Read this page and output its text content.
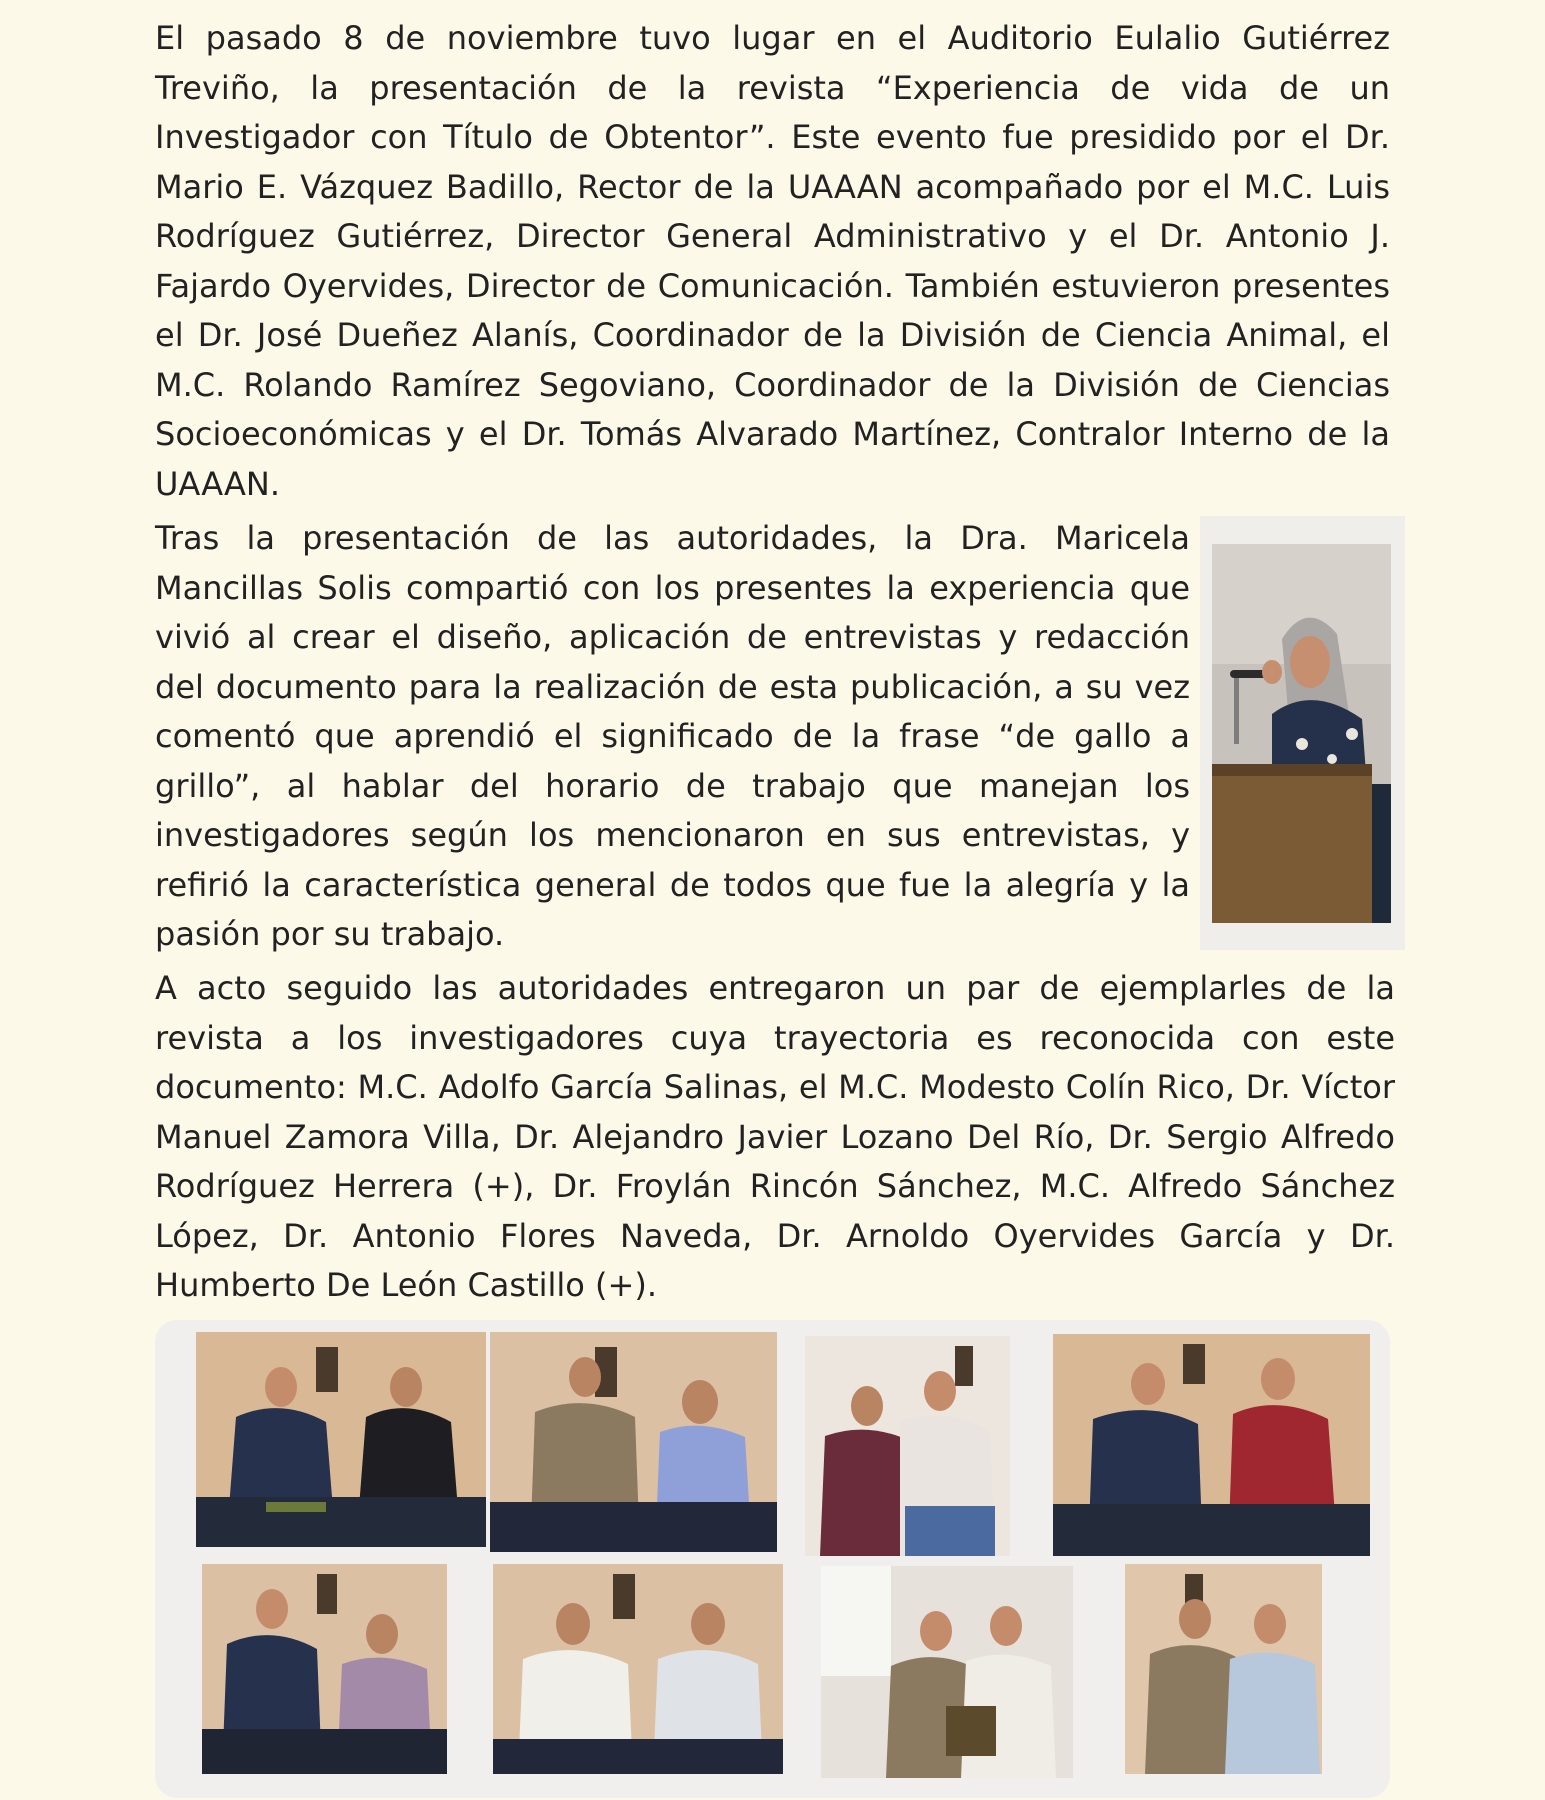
El pasado 8 de noviembre tuvo lugar en el Auditorio Eulalio Gutiérrez Treviño, la presentación de la revista “Experiencia de vida de un Investigador con Título de Obtentor”. Este evento fue presidido por el Dr. Mario E. Vázquez Badillo, Rector de la UAAAN acompañado por el M.C. Luis Rodríguez Gutiérrez, Director General Administrativo y el Dr. Antonio J. Fajardo Oyervides, Director de Comunicación. También estuvieron presentes el Dr. José Dueñez Alanís, Coordinador de la División de Ciencia Animal, el M.C. Rolando Ramírez Segoviano, Coordinador de la División de Ciencias Socioeconómicas y el Dr. Tomás Alvarado Martínez, Contralor Interno de la UAAAN.

Tras la presentación de las autoridades, la Dra. Maricela Mancillas Solis compartió con los presentes la experiencia que vivió al crear el diseño, aplicación de entrevistas y redacción del documento para la realización de esta publicación, a su vez comentó que aprendió el significado de la frase “de gallo a grillo”, al hablar del horario de trabajo que manejan los investigadores según los mencionaron en sus entrevistas, y refirió la característica general de todos que fue la alegría y la pasión por su trabajo.

A acto seguido las autoridades entregaron un par de ejemplarles de la revista a los investigadores cuya trayectoria es reconocida con este documento: M.C. Adolfo García Salinas, el M.C. Modesto Colín Rico, Dr. Víctor Manuel Zamora Villa, Dr. Alejandro Javier Lozano Del Río, Dr. Sergio Alfredo Rodríguez Herrera (+), Dr. Froylán Rincón Sánchez, M.C. Alfredo Sánchez López, Dr. Antonio Flores Naveda, Dr. Arnoldo Oyervides García y Dr. Humberto De León Castillo (+).
